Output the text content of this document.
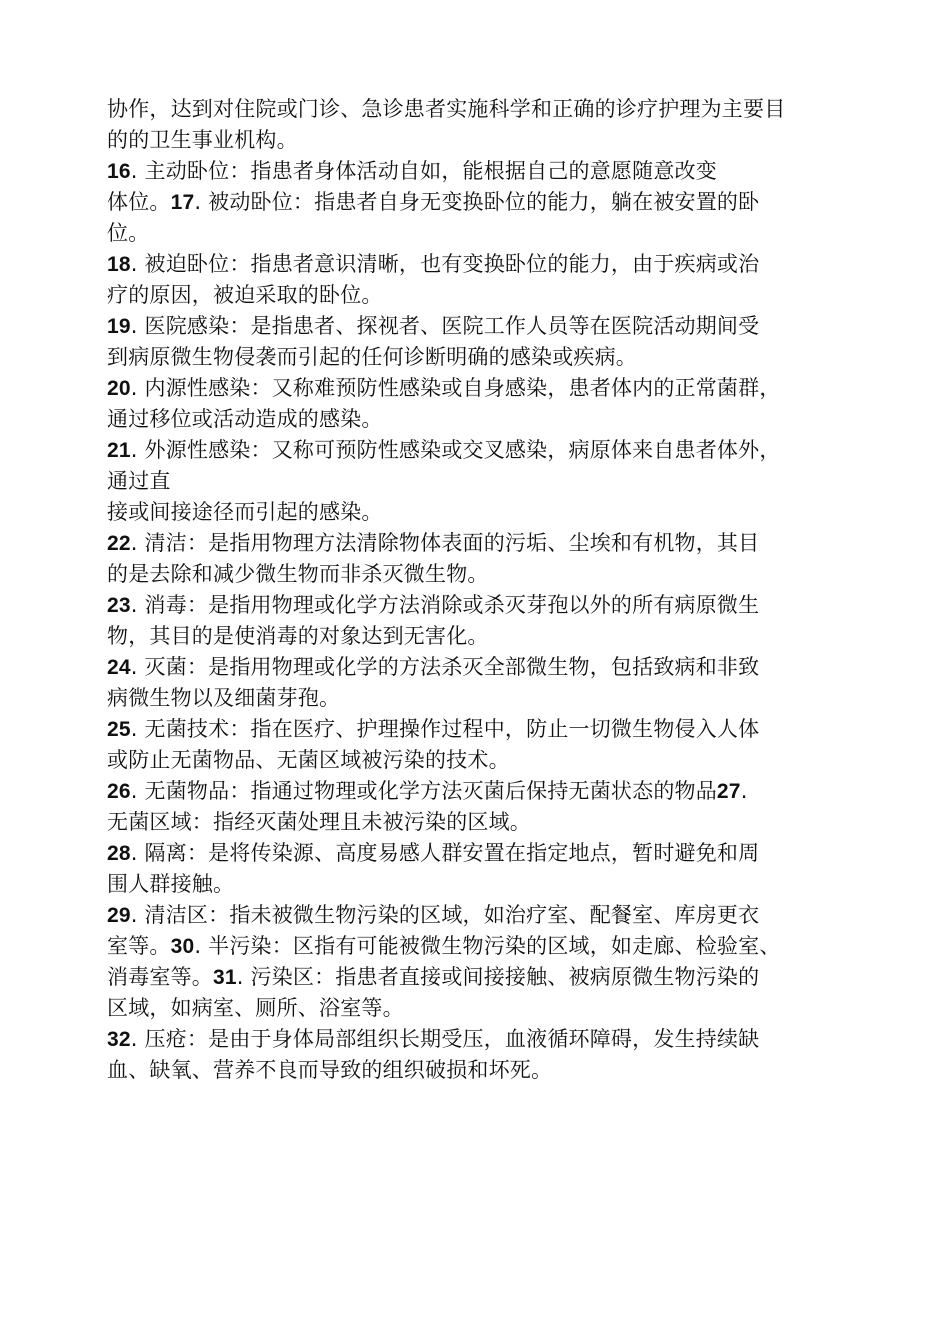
协作，达到对住院或门诊、急诊患者实施科学和正确的诊疗护理为主要目
的的卫生事业机构。
16. 主动卧位：指患者身体活动自如，能根据自己的意愿随意改变
体位。17. 被动卧位：指患者自身无变换卧位的能力，躺在被安置的卧
位。
18. 被迫卧位：指患者意识清晰，也有变换卧位的能力，由于疾病或治
疗的原因，被迫采取的卧位。
19. 医院感染：是指患者、探视者、医院工作人员等在医院活动期间受
到病原微生物侵袭而引起的任何诊断明确的感染或疾病。
20. 内源性感染：又称难预防性感染或自身感染，患者体内的正常菌群，
通过移位或活动造成的感染。
21. 外源性感染：又称可预防性感染或交叉感染，病原体来自患者体外，
通过直
接或间接途径而引起的感染。
22. 清洁：是指用物理方法清除物体表面的污垢、尘埃和有机物，其目
的是去除和减少微生物而非杀灭微生物。
23. 消毒：是指用物理或化学方法消除或杀灭芽孢以外的所有病原微生
物，其目的是使消毒的对象达到无害化。
24. 灭菌：是指用物理或化学的方法杀灭全部微生物，包括致病和非致
病微生物以及细菌芽孢。
25. 无菌技术：指在医疗、护理操作过程中，防止一切微生物侵入人体
或防止无菌物品、无菌区域被污染的技术。
26. 无菌物品：指通过物理或化学方法灭菌后保持无菌状态的物品27.
无菌区域：指经灭菌处理且未被污染的区域。
28. 隔离：是将传染源、高度易感人群安置在指定地点，暂时避免和周
围人群接触。
29. 清洁区：指未被微生物污染的区域，如治疗室、配餐室、库房更衣
室等。30. 半污染：区指有可能被微生物污染的区域，如走廊、检验室、
消毒室等。31. 污染区：指患者直接或间接接触、被病原微生物污染的
区域，如病室、厕所、浴室等。
32. 压疮：是由于身体局部组织长期受压，血液循环障碍，发生持续缺
血、缺氧、营养不良而导致的组织破损和坏死。
